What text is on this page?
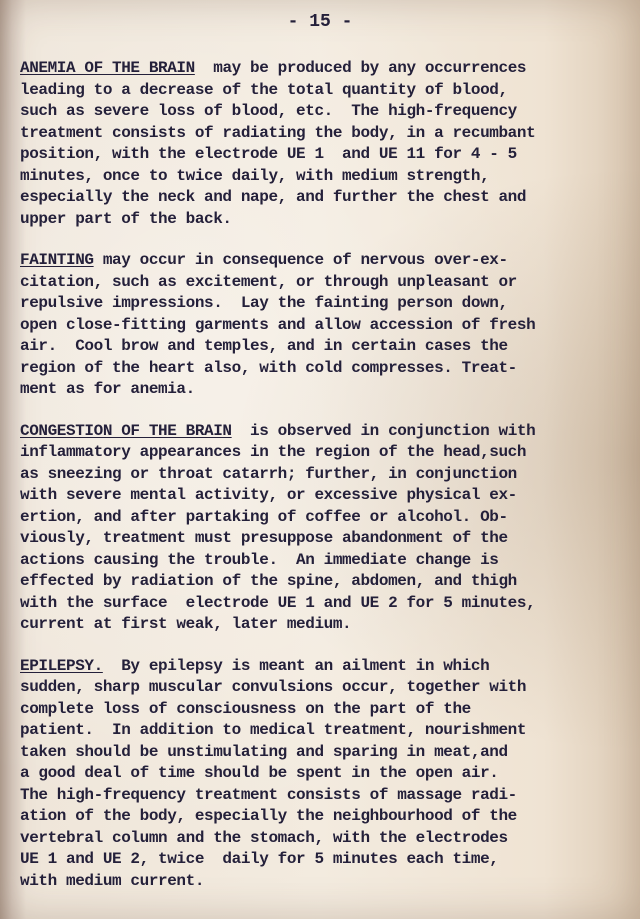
- 15 -
ANEMIA OF THE BRAIN  may be produced by any occurrences
leading to a decrease of the total quantity of blood,
such as severe loss of blood, etc.  The high-frequency
treatment consists of radiating the body, in a recumbant
position, with the electrode UE 1  and UE 11 for 4 - 5
minutes, once to twice daily, with medium strength,
especially the neck and nape, and further the chest and
upper part of the back.
FAINTING may occur in consequence of nervous over-ex-
citation, such as excitement, or through unpleasant or
repulsive impressions.  Lay the fainting person down,
open close-fitting garments and allow accession of fresh
air.  Cool brow and temples, and in certain cases the
region of the heart also, with cold compresses. Treat-
ment as for anemia.
CONGESTION OF THE BRAIN  is observed in conjunction with
inflammatory appearances in the region of the head,such
as sneezing or throat catarrh; further, in conjunction
with severe mental activity, or excessive physical ex-
ertion, and after partaking of coffee or alcohol. Ob-
viously, treatment must presuppose abandonment of the
actions causing the trouble.  An immediate change is
effected by radiation of the spine, abdomen, and thigh
with the surface  electrode UE 1 and UE 2 for 5 minutes,
current at first weak, later medium.
EPILEPSY.  By epilepsy is meant an ailment in which
sudden, sharp muscular convulsions occur, together with
complete loss of consciousness on the part of the
patient.  In addition to medical treatment, nourishment
taken should be unstimulating and sparing in meat,and
a good deal of time should be spent in the open air.
The high-frequency treatment consists of massage radi-
ation of the body, especially the neighbourhood of the
vertebral column and the stomach, with the electrodes
UE 1 and UE 2, twice  daily for 5 minutes each time,
with medium current.
